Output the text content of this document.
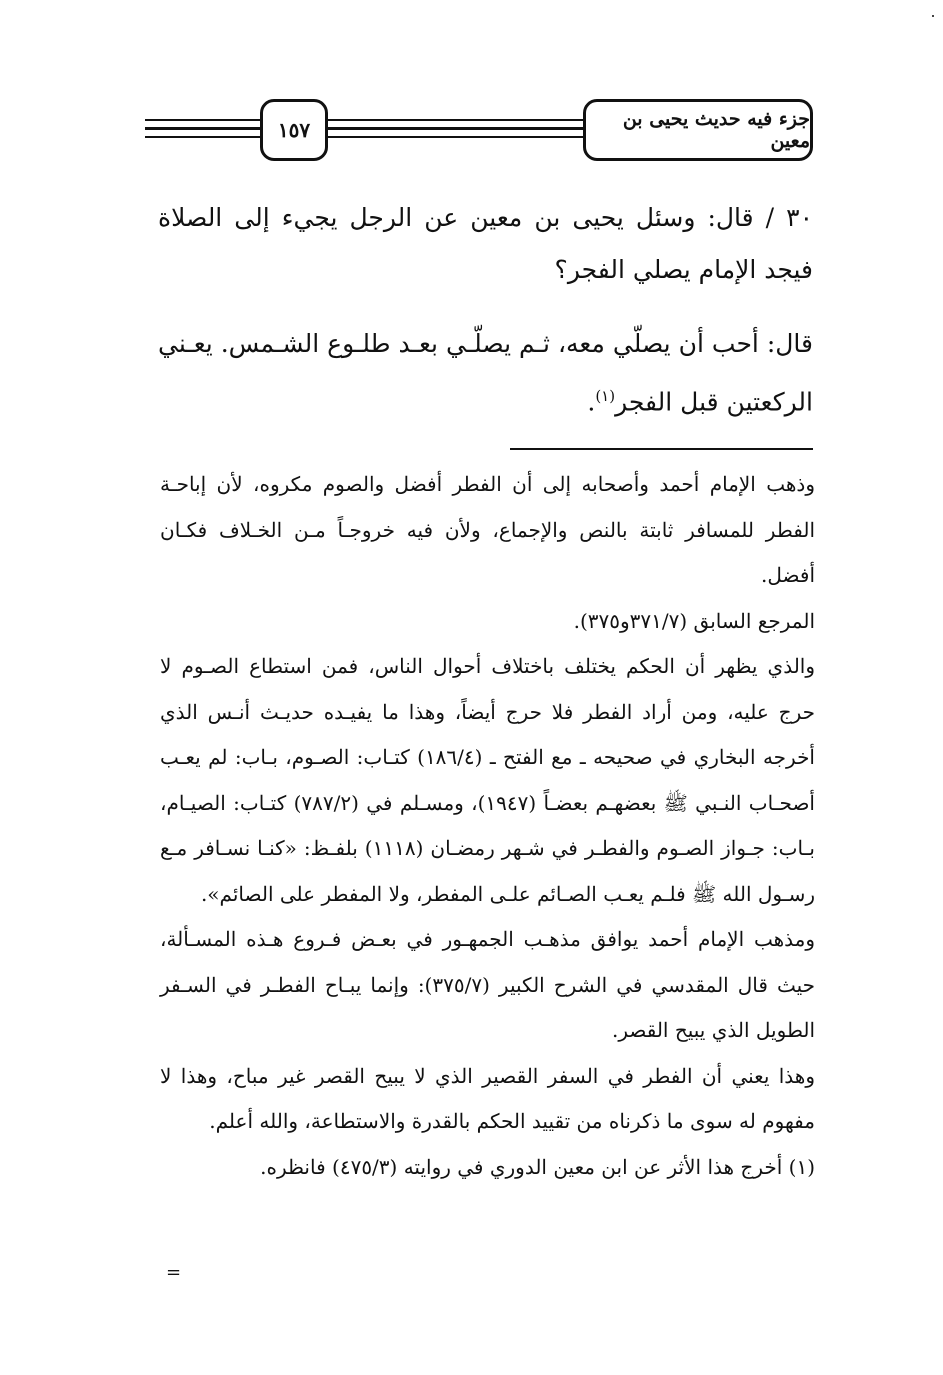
جزء فيه حديث يحيى بن معين
١٥٧

٣٠ / قال: وسئل يحيى بن معين عن الرجل يجيء إلى الصلاة فيجد الإمام يصلي الفجر؟

قال: أحب أن يصلّي معه، ثـم يصلّـي بعـد طلـوع الشـمس. يعـني الركعتين قبل الفجر$^{(١)}$.

وذهب الإمام أحمد وأصحابه إلى أن الفطر أفضل والصوم مكروه، لأن إباحـة الفطر للمسافر ثابتة بالنص والإجماع، ولأن فيه خروجـاً مـن الخـلاف فكـان أفضل.

المرجع السابق (٣٧١/٧و٣٧٥).

والذي يظهر أن الحكم يختلف باختلاف أحوال الناس، فمن استطاع الصـوم لا حرج عليه، ومن أراد الفطر فلا حرج أيضاً، وهذا ما يفيـده حديـث أنـس الذي أخرجه البخاري في صحيحه ـ مع الفتح ـ (١٨٦/٤) كتـاب: الصـوم، بـاب: لم يعـب أصحـاب النـبي ﷺ بعضهـم بعضـاً (١٩٤٧)، ومسـلم في (٧٨٧/٢) كتـاب: الصيـام، بـاب: جـواز الصـوم والفطـر في شـهر رمضـان (١١١٨) بلفـظ: «كنـا نسـافر مـع رسـول الله ﷺ فلـم يعـب الصـائم علـى المفطر، ولا المفطر على الصائم».

ومذهب الإمام أحمد يوافق مذهـب الجمهـور في بعـض فـروع هـذه المسـألة، حيث قال المقدسي في الشرح الكبير (٣٧٥/٧): وإنما يبـاح الفطـر في السـفر الطويل الذي يبيح القصر.

وهذا يعني أن الفطر في السفر القصير الذي لا يبيح القصر غير مباح، وهذا لا مفهوم له سوى ما ذكرناه من تقييد الحكم بالقدرة والاستطاعة، والله أعلم.

(١) أخرج هذا الأثر عن ابن معين الدوري في روايته (٤٧٥/٣) فانظره.

=
